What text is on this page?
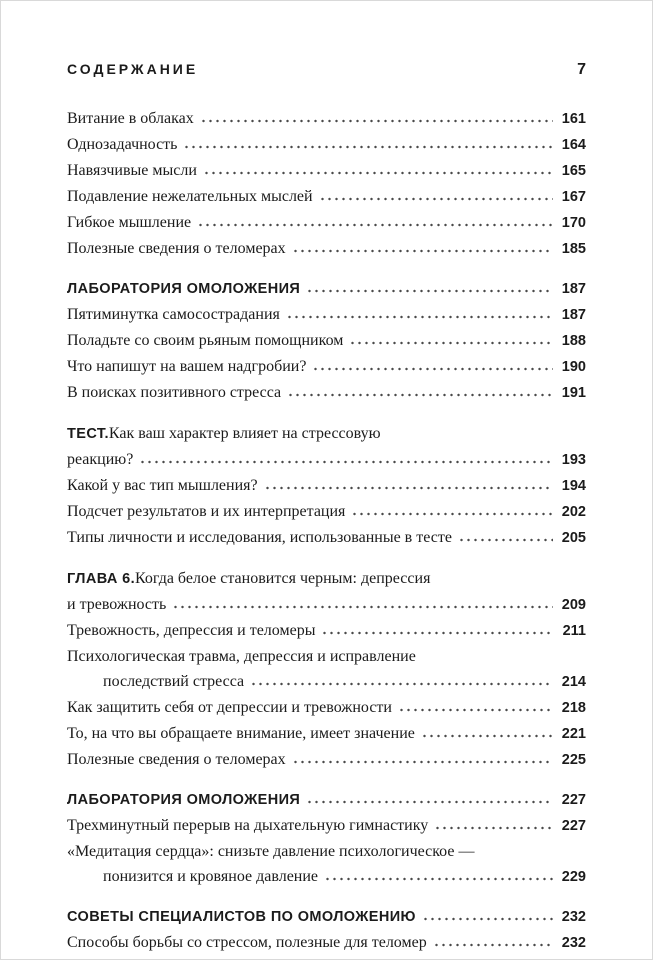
СОДЕРЖАНИЕ	7
Витание в облаках	161
Однозадачность	164
Навязчивые мысли	165
Подавление нежелательных мыслей	167
Гибкое мышление	170
Полезные сведения о теломерах	185
ЛАБОРАТОРИЯ ОМОЛОЖЕНИЯ	187
Пятиминутка самосострадания	187
Поладьте со своим рьяным помощником	188
Что напишут на вашем надгробии?	190
В поисках позитивного стресса	191
ТЕСТ. Как ваш характер влияет на стрессовую
реакцию?	193
Какой у вас тип мышления?	194
Подсчет результатов и их интерпретация	202
Типы личности и исследования, использованные в тесте	205
ГЛАВА 6. Когда белое становится черным: депрессия
и тревожность	209
Тревожность, депрессия и теломеры	211
Психологическая травма, депрессия и исправление
последствий стресса	214
Как защитить себя от депрессии и тревожности	218
То, на что вы обращаете внимание, имеет значение	221
Полезные сведения о теломерах	225
ЛАБОРАТОРИЯ ОМОЛОЖЕНИЯ	227
Трехминутный перерыв на дыхательную гимнастику	227
«Медитация сердца»: снизьте давление психологическое —
понизится и кровяное давление	229
СОВЕТЫ СПЕЦИАЛИСТОВ ПО ОМОЛОЖЕНИЮ	232
Способы борьбы со стрессом, полезные для теломер	232
